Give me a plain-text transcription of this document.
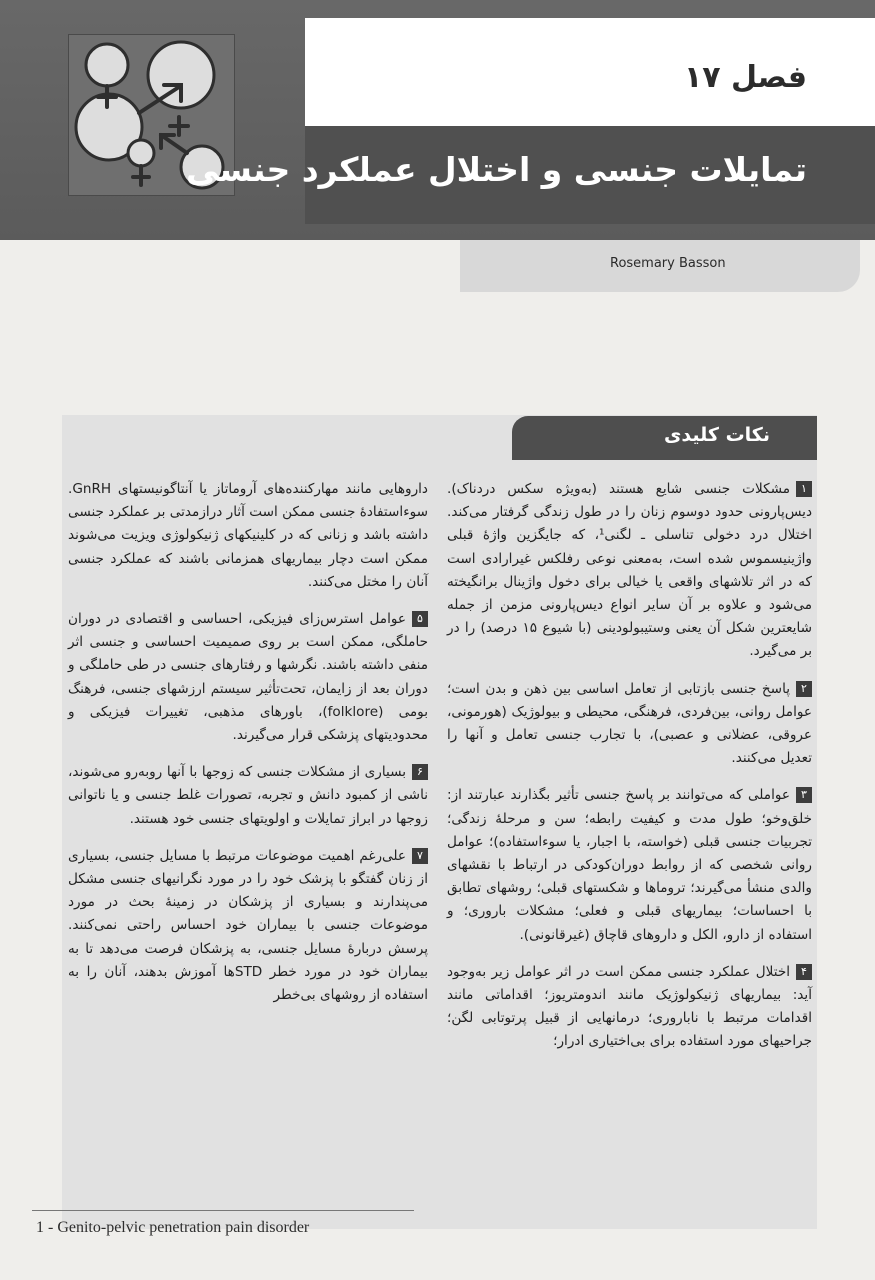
فصل ۱۷
تمایلات جنسی و اختلال عملکرد جنسی
Rosemary Basson
نکات کلیدی

۱مشکلات جنسی شایع هستند (به‌ویژه سکس دردناک). دیس‌پارونی حدود دوسوم زنان را در طول زندگی گرفتار می‌کند. اختلال درد دخولی تناسلی ـ لگنی¹، که جایگزین واژهٔ قبلی واژینیسموس شده است، به‌معنی نوعی رفلکس غیرارادی است که در اثر تلاشهای واقعی یا خیالی برای دخول واژینال برانگیخته می‌شود و علاوه بر آن سایر انواع دیس‌پارونی مزمن از جمله شایعترین شکل آن یعنی وستیبولودینی (با شیوع ۱۵ درصد) را در بر می‌گیرد.

۲پاسخ جنسی بازتابی از تعامل اساسی بین ذهن و بدن است؛ عوامل روانی، بین‌فردی، فرهنگی، محیطی و بیولوژیک (هورمونی، عروقی، عضلانی و عصبی)، با تجارب جنسی تعامل و آنها را تعدیل می‌کنند.

۳عواملی که می‌توانند بر پاسخ جنسی تأثیر بگذارند عبارتند از: خلق‌وخو؛ طول مدت و کیفیت رابطه؛ سن و مرحلهٔ زندگی؛ تجربیات جنسی قبلی (خواسته، با اجبار، یا سوءاستفاده)؛ عوامل روانی شخصی که از روابط دوران‌کودکی در ارتباط با نقشهای والدی منشأ می‌گیرند؛ تروماها و شکستهای قبلی؛ روشهای تطابق با احساسات؛ بیماریهای قبلی و فعلی؛ مشکلات باروری؛ و استفاده از دارو، الکل و داروهای قاچاق (غیرقانونی).

۴اختلال عملکرد جنسی ممکن است در اثر عوامل زیر به‌وجود آید: بیماریهای ژنیکولوژیک مانند اندومتریوز؛ اقداماتی مانند اقدامات مرتبط با ناباروری؛ درمانهایی از قبیل پرتوتابی لگن؛ جراحیهای مورد استفاده برای بی‌اختیاری ادرار؛

داروهایی مانند مهارکننده‌های آروماتاز یا آنتاگونیستهای GnRH. سوءاستفادهٔ جنسی ممکن است آثار درازمدتی بر عملکرد جنسی داشته باشد و زنانی که در کلینیکهای ژنیکولوژی ویزیت می‌شوند ممکن است دچار بیماریهای همزمانی باشند که عملکرد جنسی آنان را مختل می‌کنند.

۵عوامل استرس‌زای فیزیکی، احساسی و اقتصادی در دوران حاملگی، ممکن است بر روی صمیمیت احساسی و جنسی اثر منفی داشته باشند. نگرشها و رفتارهای جنسی در طی حاملگی و دوران بعد از زایمان، تحت‌تأثیر سیستم ارزشهای جنسی، فرهنگ بومی (folklore)، باورهای مذهبی، تغییرات فیزیکی و محدودیتهای پزشکی قرار می‌گیرند.

۶بسیاری از مشکلات جنسی که زوجها با آنها روبه‌رو می‌شوند، ناشی از کمبود دانش و تجربه، تصورات غلط جنسی و یا ناتوانی زوجها در ابراز تمایلات و اولویتهای جنسی خود هستند.

۷علی‌رغم اهمیت موضوعات مرتبط با مسایل جنسی، بسیاری از زنان گفتگو با پزشک خود را در مورد نگرانیهای جنسی مشکل می‌پندارند و بسیاری از پزشکان در زمینهٔ بحث در مورد موضوعات جنسی با بیماران خود احساس راحتی نمی‌کنند. پرسش دربارهٔ مسایل جنسی، به پزشکان فرصت می‌دهد تا به بیماران خود در مورد خطر STDها آموزش بدهند، آنان را به استفاده از روشهای بی‌خطر

1 - Genito-pelvic penetration pain disorder
